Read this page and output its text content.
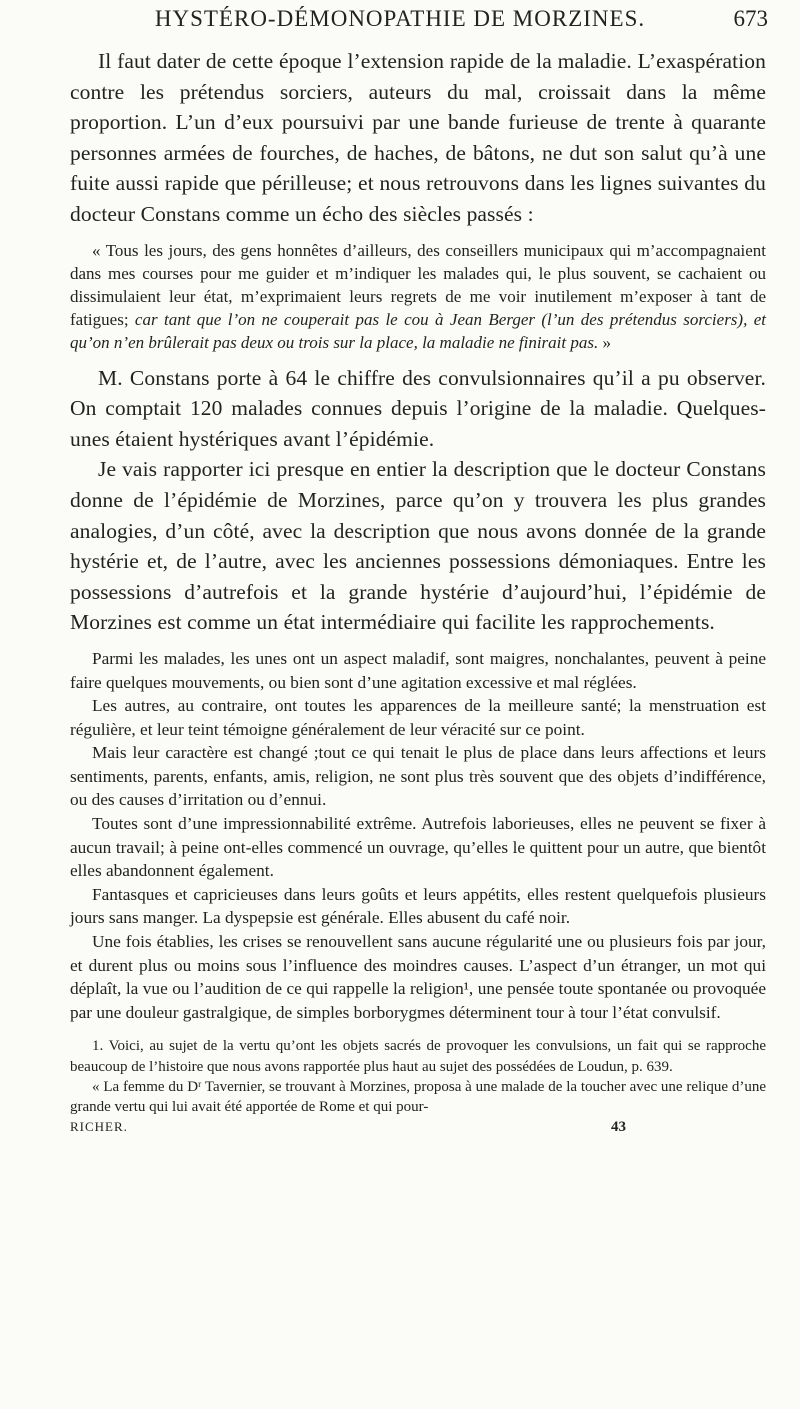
HYSTÉRO-DÉMONOPATHIE DE MORZINES.	673

Il faut dater de cette époque l’extension rapide de la maladie. L’exaspération contre les prétendus sorciers, auteurs du mal, croissait dans la même proportion. L’un d’eux poursuivi par une bande furieuse de trente à quarante personnes armées de fourches, de haches, de bâtons, ne dut son salut qu’à une fuite aussi rapide que périlleuse; et nous retrouvons dans les lignes suivantes du docteur Constans comme un écho des siècles passés :

« Tous les jours, des gens honnêtes d’ailleurs, des conseillers municipaux qui m’accompagnaient dans mes courses pour me guider et m’indiquer les malades qui, le plus souvent, se cachaient ou dissimulaient leur état, m’exprimaient leurs regrets de me voir inutilement m’exposer à tant de fatigues; car tant que l’on ne couperait pas le cou à Jean Berger (l’un des prétendus sorciers), et qu’on n’en brûlerait pas deux ou trois sur la place, la maladie ne finirait pas. »

M. Constans porte à 64 le chiffre des convulsionnaires qu’il a pu observer. On comptait 120 malades connues depuis l’origine de la maladie. Quelques-unes étaient hystériques avant l’épidémie.

Je vais rapporter ici presque en entier la description que le docteur Constans donne de l’épidémie de Morzines, parce qu’on y trouvera les plus grandes analogies, d’un côté, avec la description que nous avons donnée de la grande hystérie et, de l’autre, avec les anciennes possessions démoniaques. Entre les possessions d’autrefois et la grande hystérie d’aujourd’hui, l’épidémie de Morzines est comme un état intermédiaire qui facilite les rapprochements.

Parmi les malades, les unes ont un aspect maladif, sont maigres, nonchalantes, peuvent à peine faire quelques mouvements, ou bien sont d’une agitation excessive et mal réglées.

Les autres, au contraire, ont toutes les apparences de la meilleure santé; la menstruation est régulière, et leur teint témoigne généralement de leur véracité sur ce point.

Mais leur caractère est changé ;tout ce qui tenait le plus de place dans leurs affections et leurs sentiments, parents, enfants, amis, religion, ne sont plus très souvent que des objets d’indifférence, ou des causes d’irritation ou d’ennui.

Toutes sont d’une impressionnabilité extrême. Autrefois laborieuses, elles ne peuvent se fixer à aucun travail; à peine ont-elles commencé un ouvrage, qu’elles le quittent pour un autre, que bientôt elles abandonnent également.

Fantasques et capricieuses dans leurs goûts et leurs appétits, elles restent quelquefois plusieurs jours sans manger. La dyspepsie est générale. Elles abusent du café noir.

Une fois établies, les crises se renouvellent sans aucune régularité une ou plusieurs fois par jour, et durent plus ou moins sous l’influence des moindres causes. L’aspect d’un étranger, un mot qui déplaît, la vue ou l’audition de ce qui rappelle la religion¹, une pensée toute spontanée ou provoquée par une douleur gastralgique, de simples borborygmes déterminent tour à tour l’état convulsif.

1. Voici, au sujet de la vertu qu’ont les objets sacrés de provoquer les convulsions, un fait qui se rapproche beaucoup de l’histoire que nous avons rapportée plus haut au sujet des possédées de Loudun, p. 639.

« La femme du Dʳ Tavernier, se trouvant à Morzines, proposa à une malade de la toucher avec une relique d’une grande vertu qui lui avait été apportée de Rome et qui pour-

RICHER.	43
